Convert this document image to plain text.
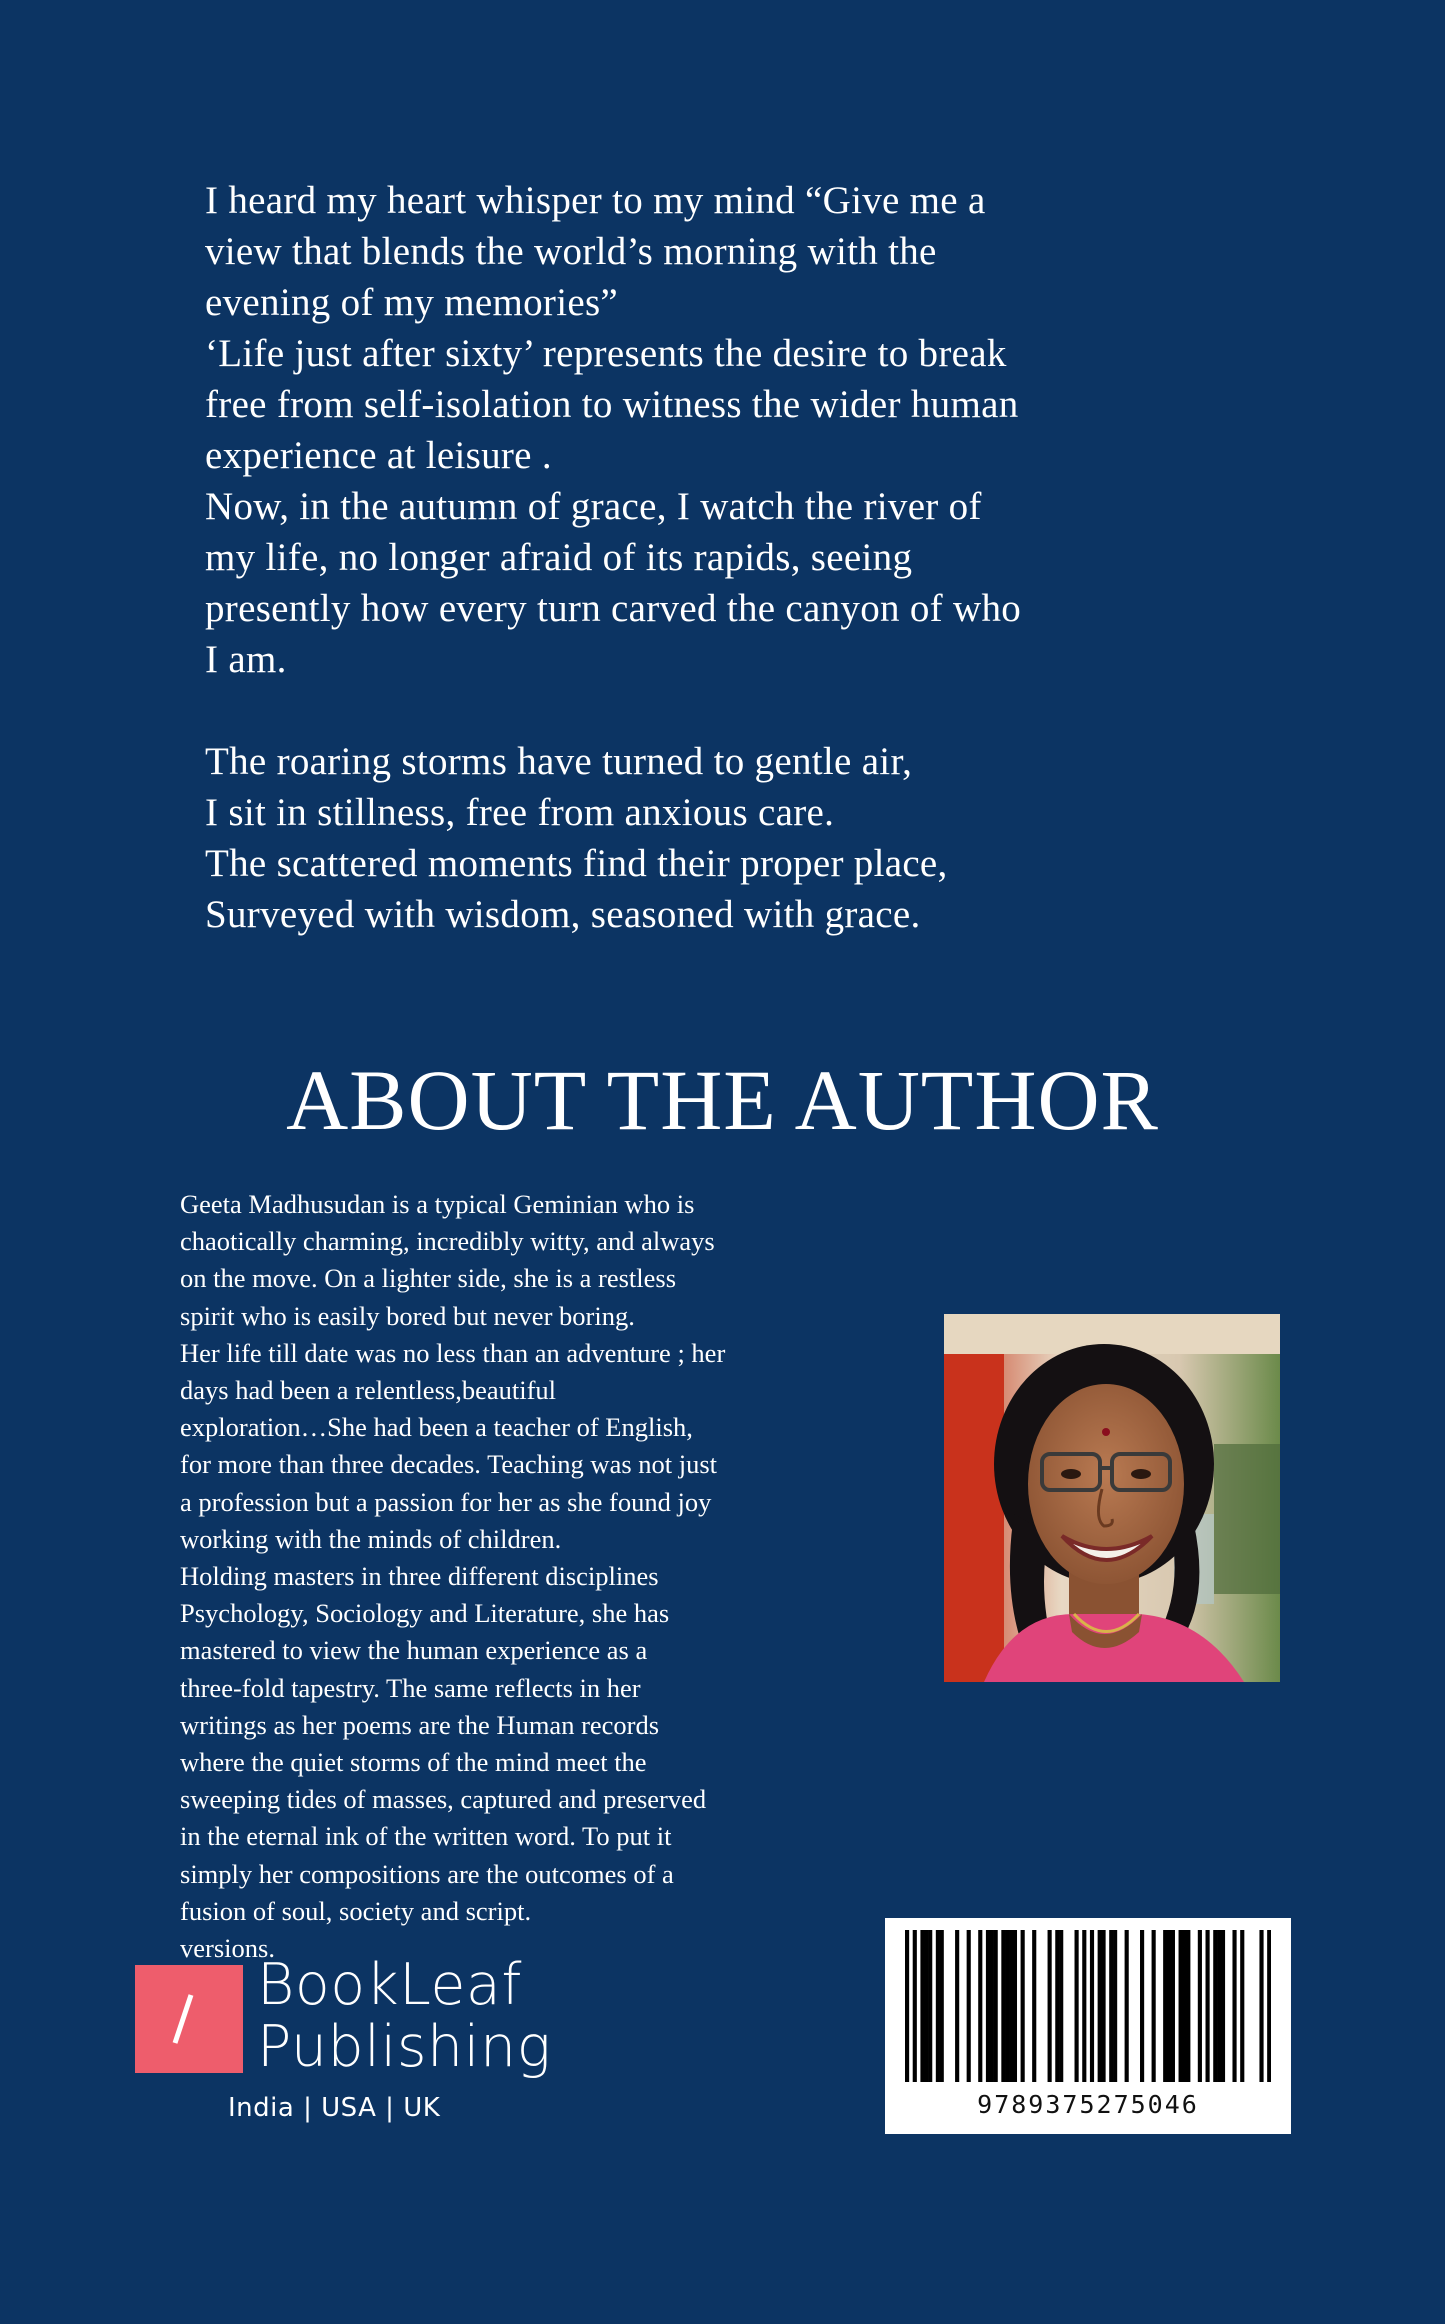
I heard my heart whisper to my mind “Give me a
view that blends the world’s morning with the
evening of my memories”
‘Life just after sixty’ represents the desire to break
free from self-isolation to witness the wider human
experience at leisure .
Now, in the autumn of grace, I watch the river of
my life, no longer afraid of its rapids, seeing
presently how every turn carved the canyon of who
I am.

The roaring storms have turned to gentle air,
I sit in stillness, free from anxious care.
The scattered moments find their proper place,
Surveyed with wisdom, seasoned with grace.

ABOUT THE AUTHOR

Geeta Madhusudan is a typical Geminian who is
chaotically charming, incredibly witty, and always
on the move. On a lighter side, she is a restless
spirit who is easily bored but never boring.
Her life till date was no less than an adventure ; her
days had been a relentless,beautiful
exploration…She had been a teacher of English,
for more than three decades. Teaching was not just
a profession but a passion for her as she found joy
working with the minds of children.
Holding masters in three different disciplines
Psychology, Sociology and Literature, she has
mastered to view the human experience as a
three-fold tapestry. The same reflects in her
writings as her poems are the Human records
where the quiet storms of the mind meet the
sweeping tides of masses, captured and preserved
in the eternal ink of the written word. To put it
simply her compositions are the outcomes of a
fusion of soul, society and script.
versions.

BookLeaf
Publishing
India | USA | UK	9789375275046
